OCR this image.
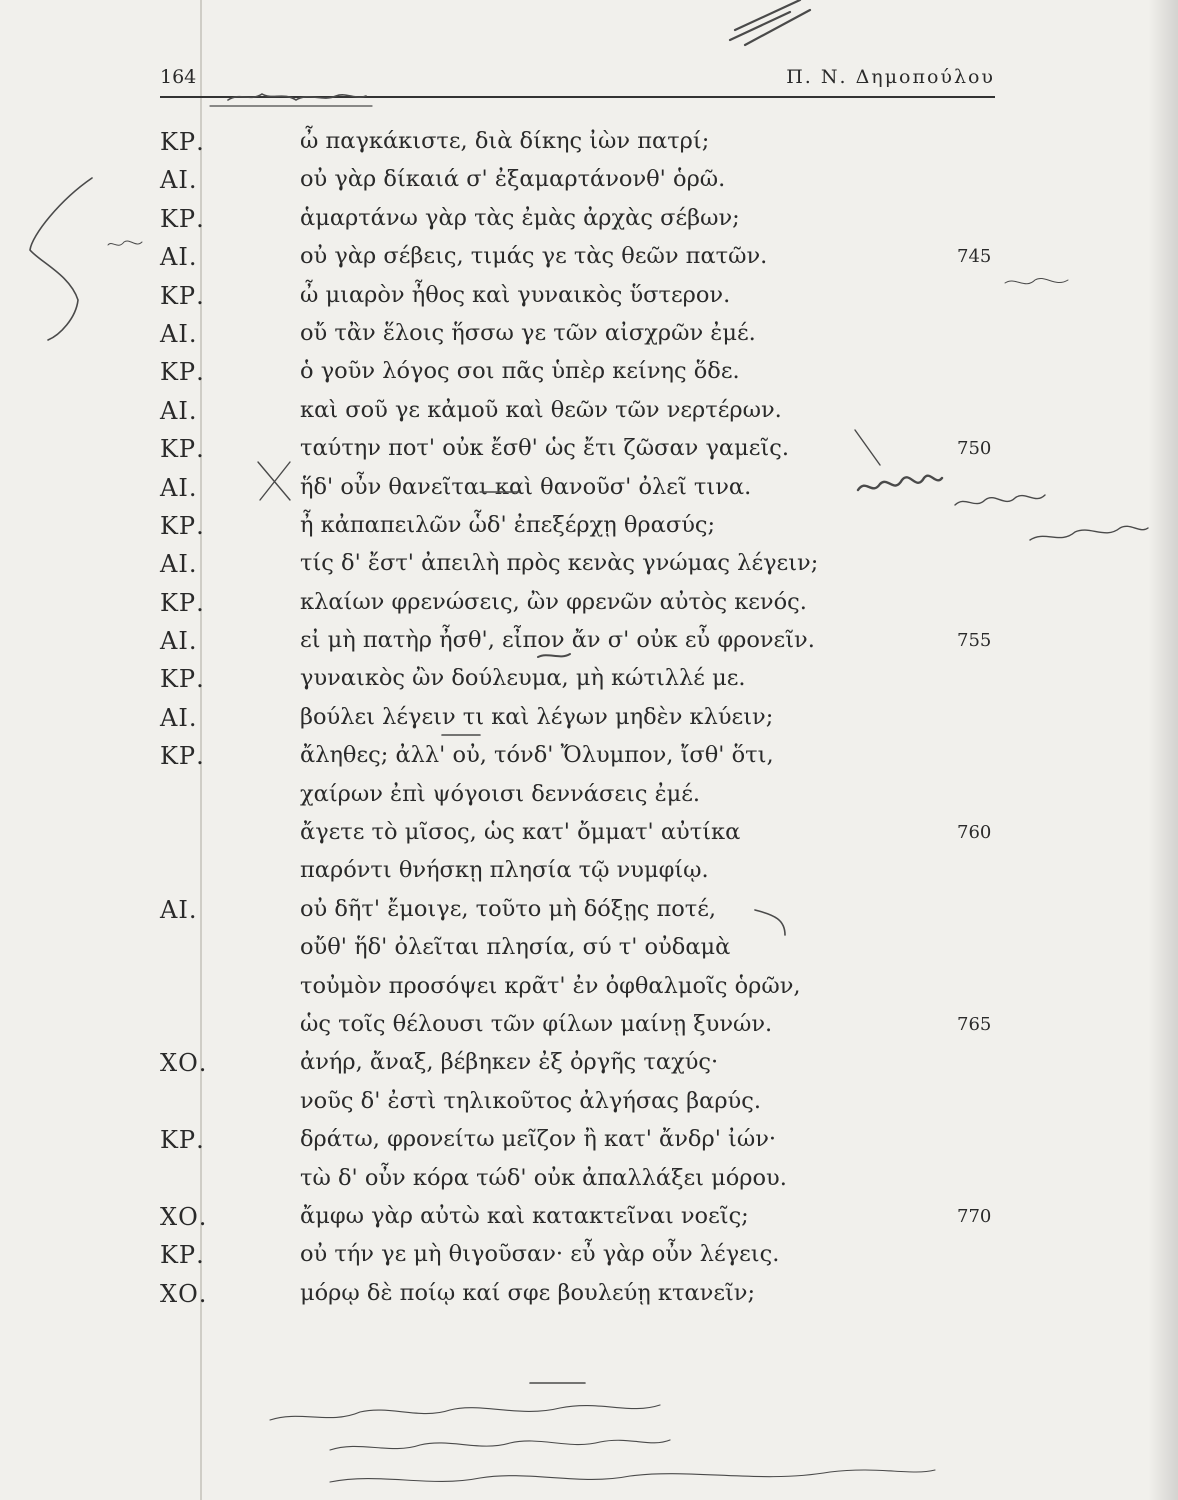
164	Π. Ν. Δημοπούλου
ΚΡ.	ὦ παγκάκιστε, διὰ δίκης ἰὼν πατρί;
ΑΙ.	οὐ γὰρ δίκαιά σ' ἐξαμαρτάνονθ' ὁρῶ.
ΚΡ.	ἁμαρτάνω γὰρ τὰς ἐμὰς ἀρχὰς σέβων;
ΑΙ.	οὐ γὰρ σέβεις, τιμάς γε τὰς θεῶν πατῶν.	745
ΚΡ.	ὦ μιαρὸν ἦθος καὶ γυναικὸς ὕστερον.
ΑΙ.	οὔ τἂν ἕλοις ἥσσω γε τῶν αἰσχρῶν ἐμέ.
ΚΡ.	ὁ γοῦν λόγος σοι πᾶς ὑπὲρ κείνης ὅδε.
ΑΙ.	καὶ σοῦ γε κἀμοῦ καὶ θεῶν τῶν νερτέρων.
ΚΡ.	ταύτην ποτ' οὐκ ἔσθ' ὡς ἔτι ζῶσαν γαμεῖς.	750
ΑΙ.	ἥδ' οὖν θανεῖται καὶ θανοῦσ' ὀλεῖ τινα.
ΚΡ.	ἦ κἀπαπειλῶν ὧδ' ἐπεξέρχῃ θρασύς;
ΑΙ.	τίς δ' ἔστ' ἀπειλὴ πρὸς κενὰς γνώμας λέγειν;
ΚΡ.	κλαίων φρενώσεις, ὢν φρενῶν αὐτὸς κενός.
ΑΙ.	εἰ μὴ πατὴρ ἦσθ', εἶπον ἄν σ' οὐκ εὖ φρονεῖν.	755
ΚΡ.	γυναικὸς ὢν δούλευμα, μὴ κώτιλλέ με.
ΑΙ.	βούλει λέγειν τι καὶ λέγων μηδὲν κλύειν;
ΚΡ.	ἄληθες; ἀλλ' οὐ, τόνδ' Ὄλυμπον, ἴσθ' ὅτι,
χαίρων ἐπὶ ψόγοισι δεννάσεις ἐμέ.
ἄγετε τὸ μῖσος, ὡς κατ' ὄμματ' αὐτίκα	760
παρόντι θνήσκῃ πλησία τῷ νυμφίῳ.
ΑΙ.	οὐ δῆτ' ἔμοιγε, τοῦτο μὴ δόξῃς ποτέ,
οὔθ' ἥδ' ὀλεῖται πλησία, σύ τ' οὐδαμὰ
τοὐμὸν προσόψει κρᾶτ' ἐν ὀφθαλμοῖς ὁρῶν,
ὡς τοῖς θέλουσι τῶν φίλων μαίνῃ ξυνών.	765
ΧΟ.	ἀνήρ, ἄναξ, βέβηκεν ἐξ ὀργῆς ταχύς·
νοῦς δ' ἐστὶ τηλικοῦτος ἀλγήσας βαρύς.
ΚΡ.	δράτω, φρονείτω μεῖζον ἢ κατ' ἄνδρ' ἰών·
τὼ δ' οὖν κόρα τώδ' οὐκ ἀπαλλάξει μόρου.
ΧΟ.	ἄμφω γὰρ αὐτὼ καὶ κατακτεῖναι νοεῖς;	770
ΚΡ.	οὐ τήν γε μὴ θιγοῦσαν· εὖ γὰρ οὖν λέγεις.
ΧΟ.	μόρῳ δὲ ποίῳ καί σφε βουλεύῃ κτανεῖν;
